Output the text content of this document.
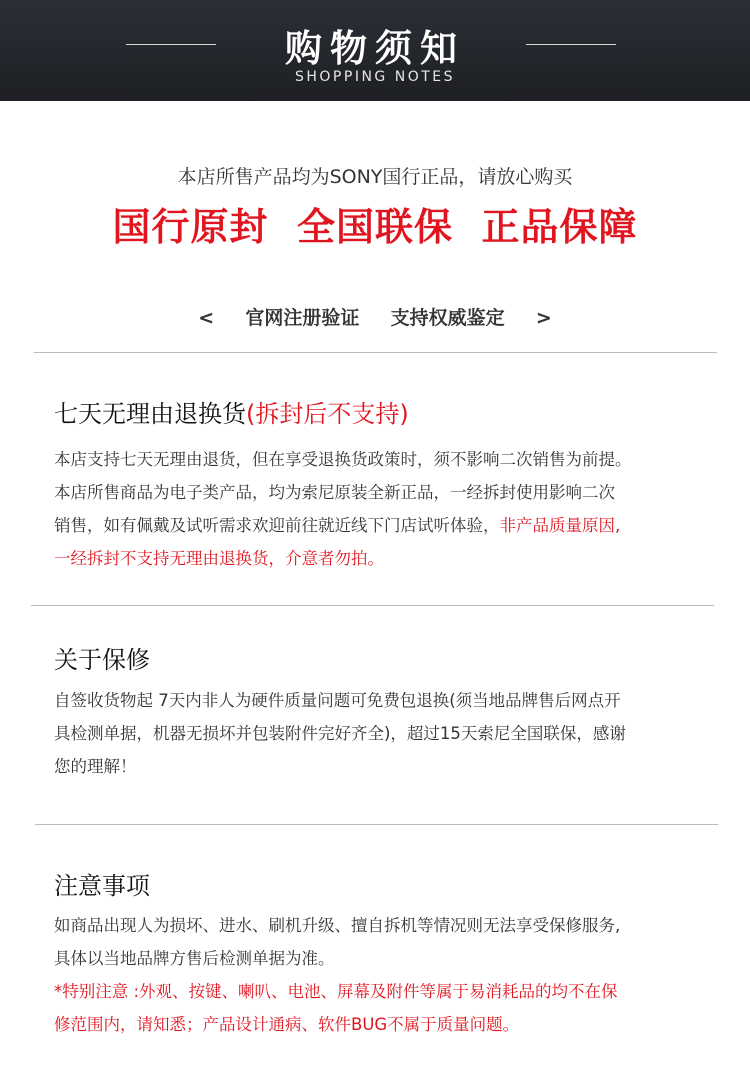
购物须知
SHOPPING NOTES
本店所售产品均为SONY国行正品，请放心购买
国行原封  全国联保  正品保障
< 官网注册验证 支持权威鉴定 >
七天无理由退换货(拆封后不支持)
本店支持七天无理由退货，但在享受退换货政策时，须不影响二次销售为前提。
本店所售商品为电子类产品，均为索尼原装全新正品，一经拆封使用影响二次
销售，如有佩戴及试听需求欢迎前往就近线下门店试听体验，非产品质量原因,
一经拆封不支持无理由退换货，介意者勿拍。
关于保修
自签收货物起 7天内非人为硬件质量问题可免费包退换(须当地品牌售后网点开
具检测单据，机器无损坏并包装附件完好齐全)，超过15天索尼全国联保，感谢
您的理解！
注意事项
如商品出现人为损坏、进水、刷机升级、擅自拆机等情况则无法享受保修服务,
具体以当地品牌方售后检测单据为准。
*特别注意 :外观、按键、喇叭、电池、屏幕及附件等属于易消耗品的均不在保
修范围内，请知悉；产品设计通病、软件BUG不属于质量问题。
